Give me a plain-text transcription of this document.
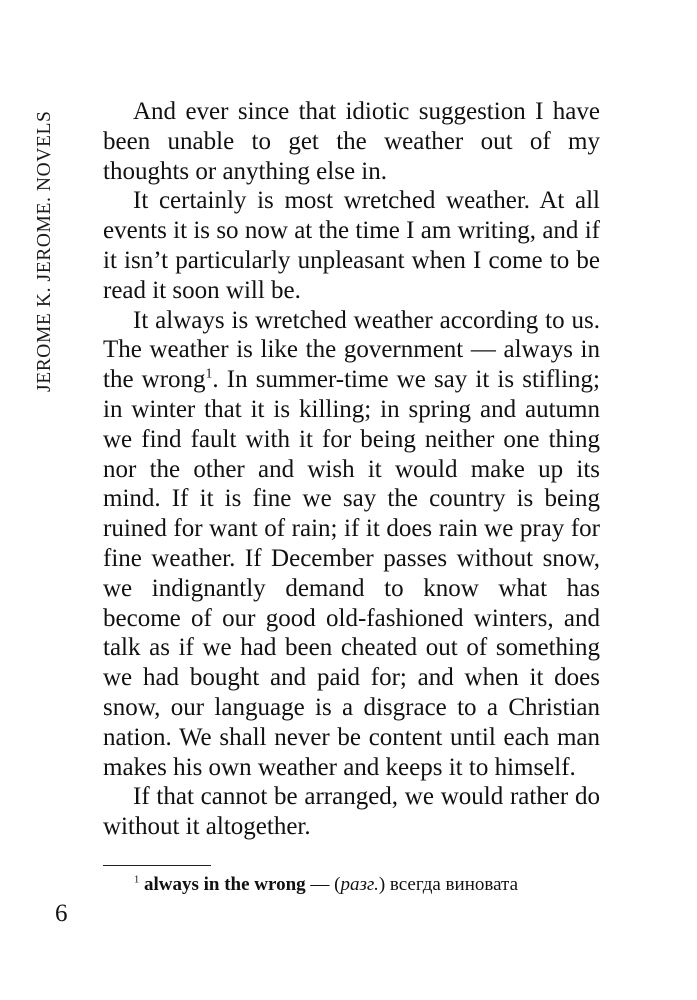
JEROME K. JEROME. NOVELS	And ever since that idiotic suggestion I have been unable to get the weather out of my thoughts or anything else in.

It certainly is most wretched weather. At all events it is so now at the time I am writing, and if it isn’t particularly unpleasant when I come to be read it soon will be.

It always is wretched weather according to us. The weather is like the government — always in the wrong$^1$. In summer-time we say it is stifling; in winter that it is killing; in spring and autumn we find fault with it for being neither one thing nor the other and wish it would make up its mind. If it is fine we say the country is being ruined for want of rain; if it does rain we pray for fine weather. If December passes without snow, we indignantly demand to know what has become of our good old-fashioned winters, and talk as if we had been cheated out of something we had bought and paid for; and when it does snow, our language is a disgrace to a Christian nation. We shall never be content until each man makes his own weather and keeps it to himself.

If that cannot be arranged, we would rather do without it altogether.

$^1$ always in the wrong — (разг.) всегда виновата
6
